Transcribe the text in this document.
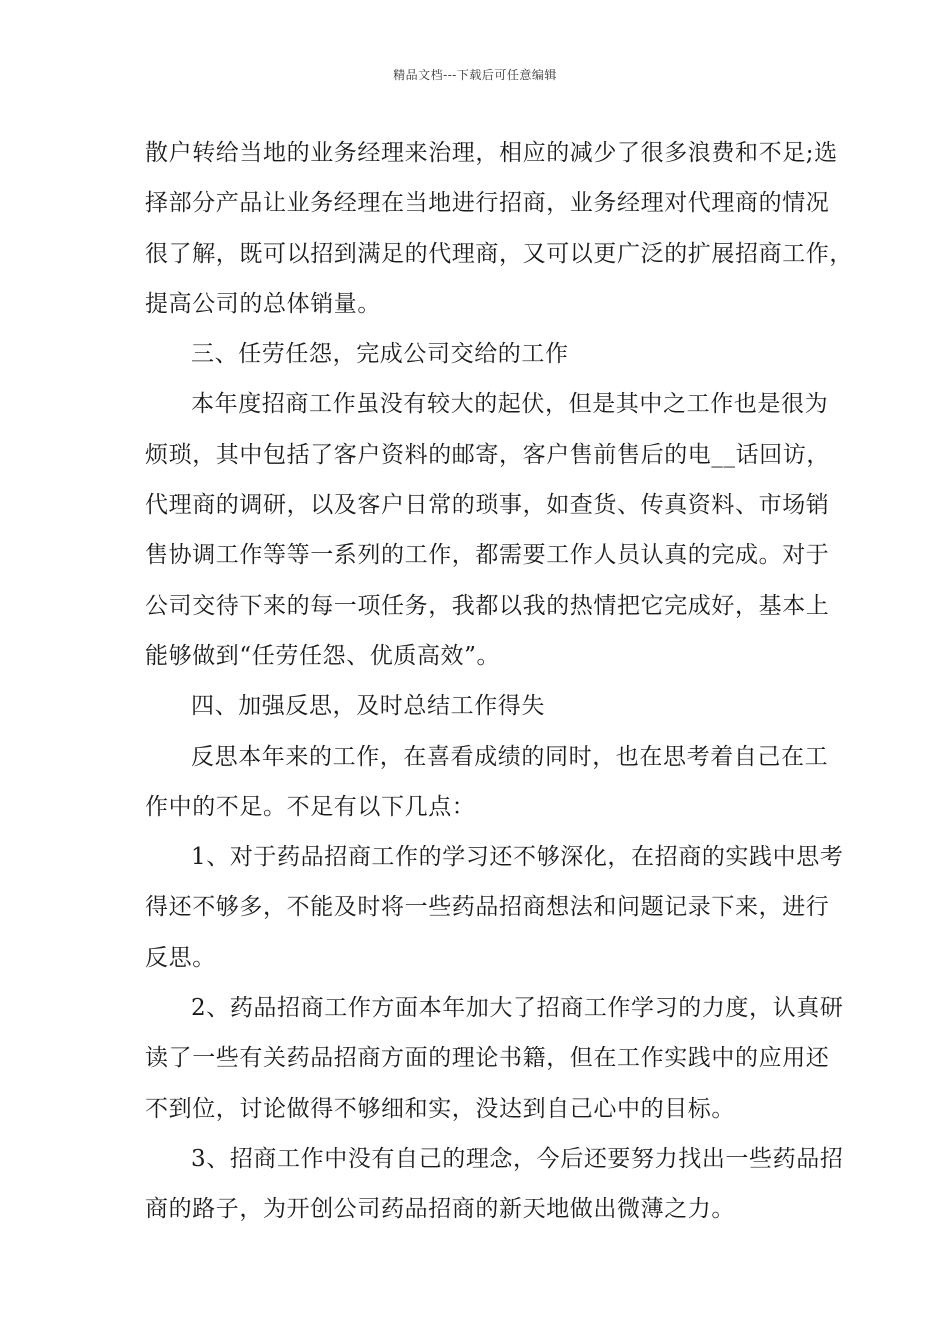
精品文档---下载后可任意编辑
散户转给当地的业务经理来治理，相应的减少了很多浪费和不足;选
择部分产品让业务经理在当地进行招商，业务经理对代理商的情况
很了解，既可以招到满足的代理商，又可以更广泛的扩展招商工作，
提高公司的总体销量。
三、任劳任怨，完成公司交给的工作
本年度招商工作虽没有较大的起伏，但是其中之工作也是很为
烦琐，其中包括了客户资料的邮寄，客户售前售后的电__话回访，
代理商的调研，以及客户日常的琐事，如查货、传真资料、市场销
售协调工作等等一系列的工作，都需要工作人员认真的完成。对于
公司交待下来的每一项任务，我都以我的热情把它完成好，基本上
能够做到“任劳任怨、优质高效”。
四、加强反思，及时总结工作得失
反思本年来的工作，在喜看成绩的同时，也在思考着自己在工
作中的不足。不足有以下几点：
1、对于药品招商工作的学习还不够深化，在招商的实践中思考
得还不够多，不能及时将一些药品招商想法和问题记录下来，进行
反思。
2、药品招商工作方面本年加大了招商工作学习的力度，认真研
读了一些有关药品招商方面的理论书籍，但在工作实践中的应用还
不到位，讨论做得不够细和实，没达到自己心中的目标。
3、招商工作中没有自己的理念，今后还要努力找出一些药品招
商的路子，为开创公司药品招商的新天地做出微薄之力。
